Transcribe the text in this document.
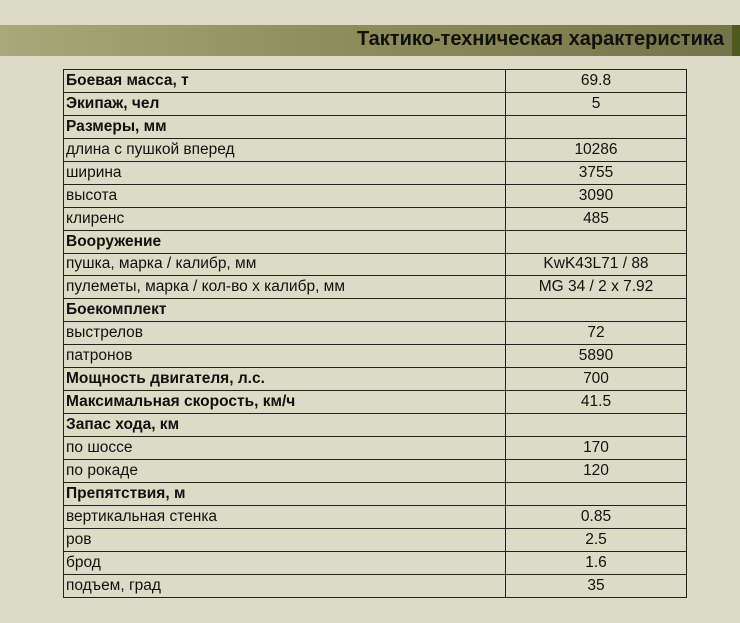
Тактико-техническая характеристика
Боевая масса, т	69.8
Экипаж, чел	5
Размеры, мм	
длина с пушкой вперед	10286
ширина	3755
высота	3090
клиренс	485
Вооружение	
пушка, марка / калибр, мм	KwK43L71 / 88
пулеметы, марка / кол-во х калибр, мм	MG 34 / 2 x 7.92
Боекомплект	
выстрелов	72
патронов	5890
Мощность двигателя, л.с.	700
Максимальная скорость, км/ч	41.5
Запас хода, км	
по шоссе	170
по рокаде	120
Препятствия, м	
вертикальная стенка	0.85
ров	2.5
брод	1.6
подъем, град	35
